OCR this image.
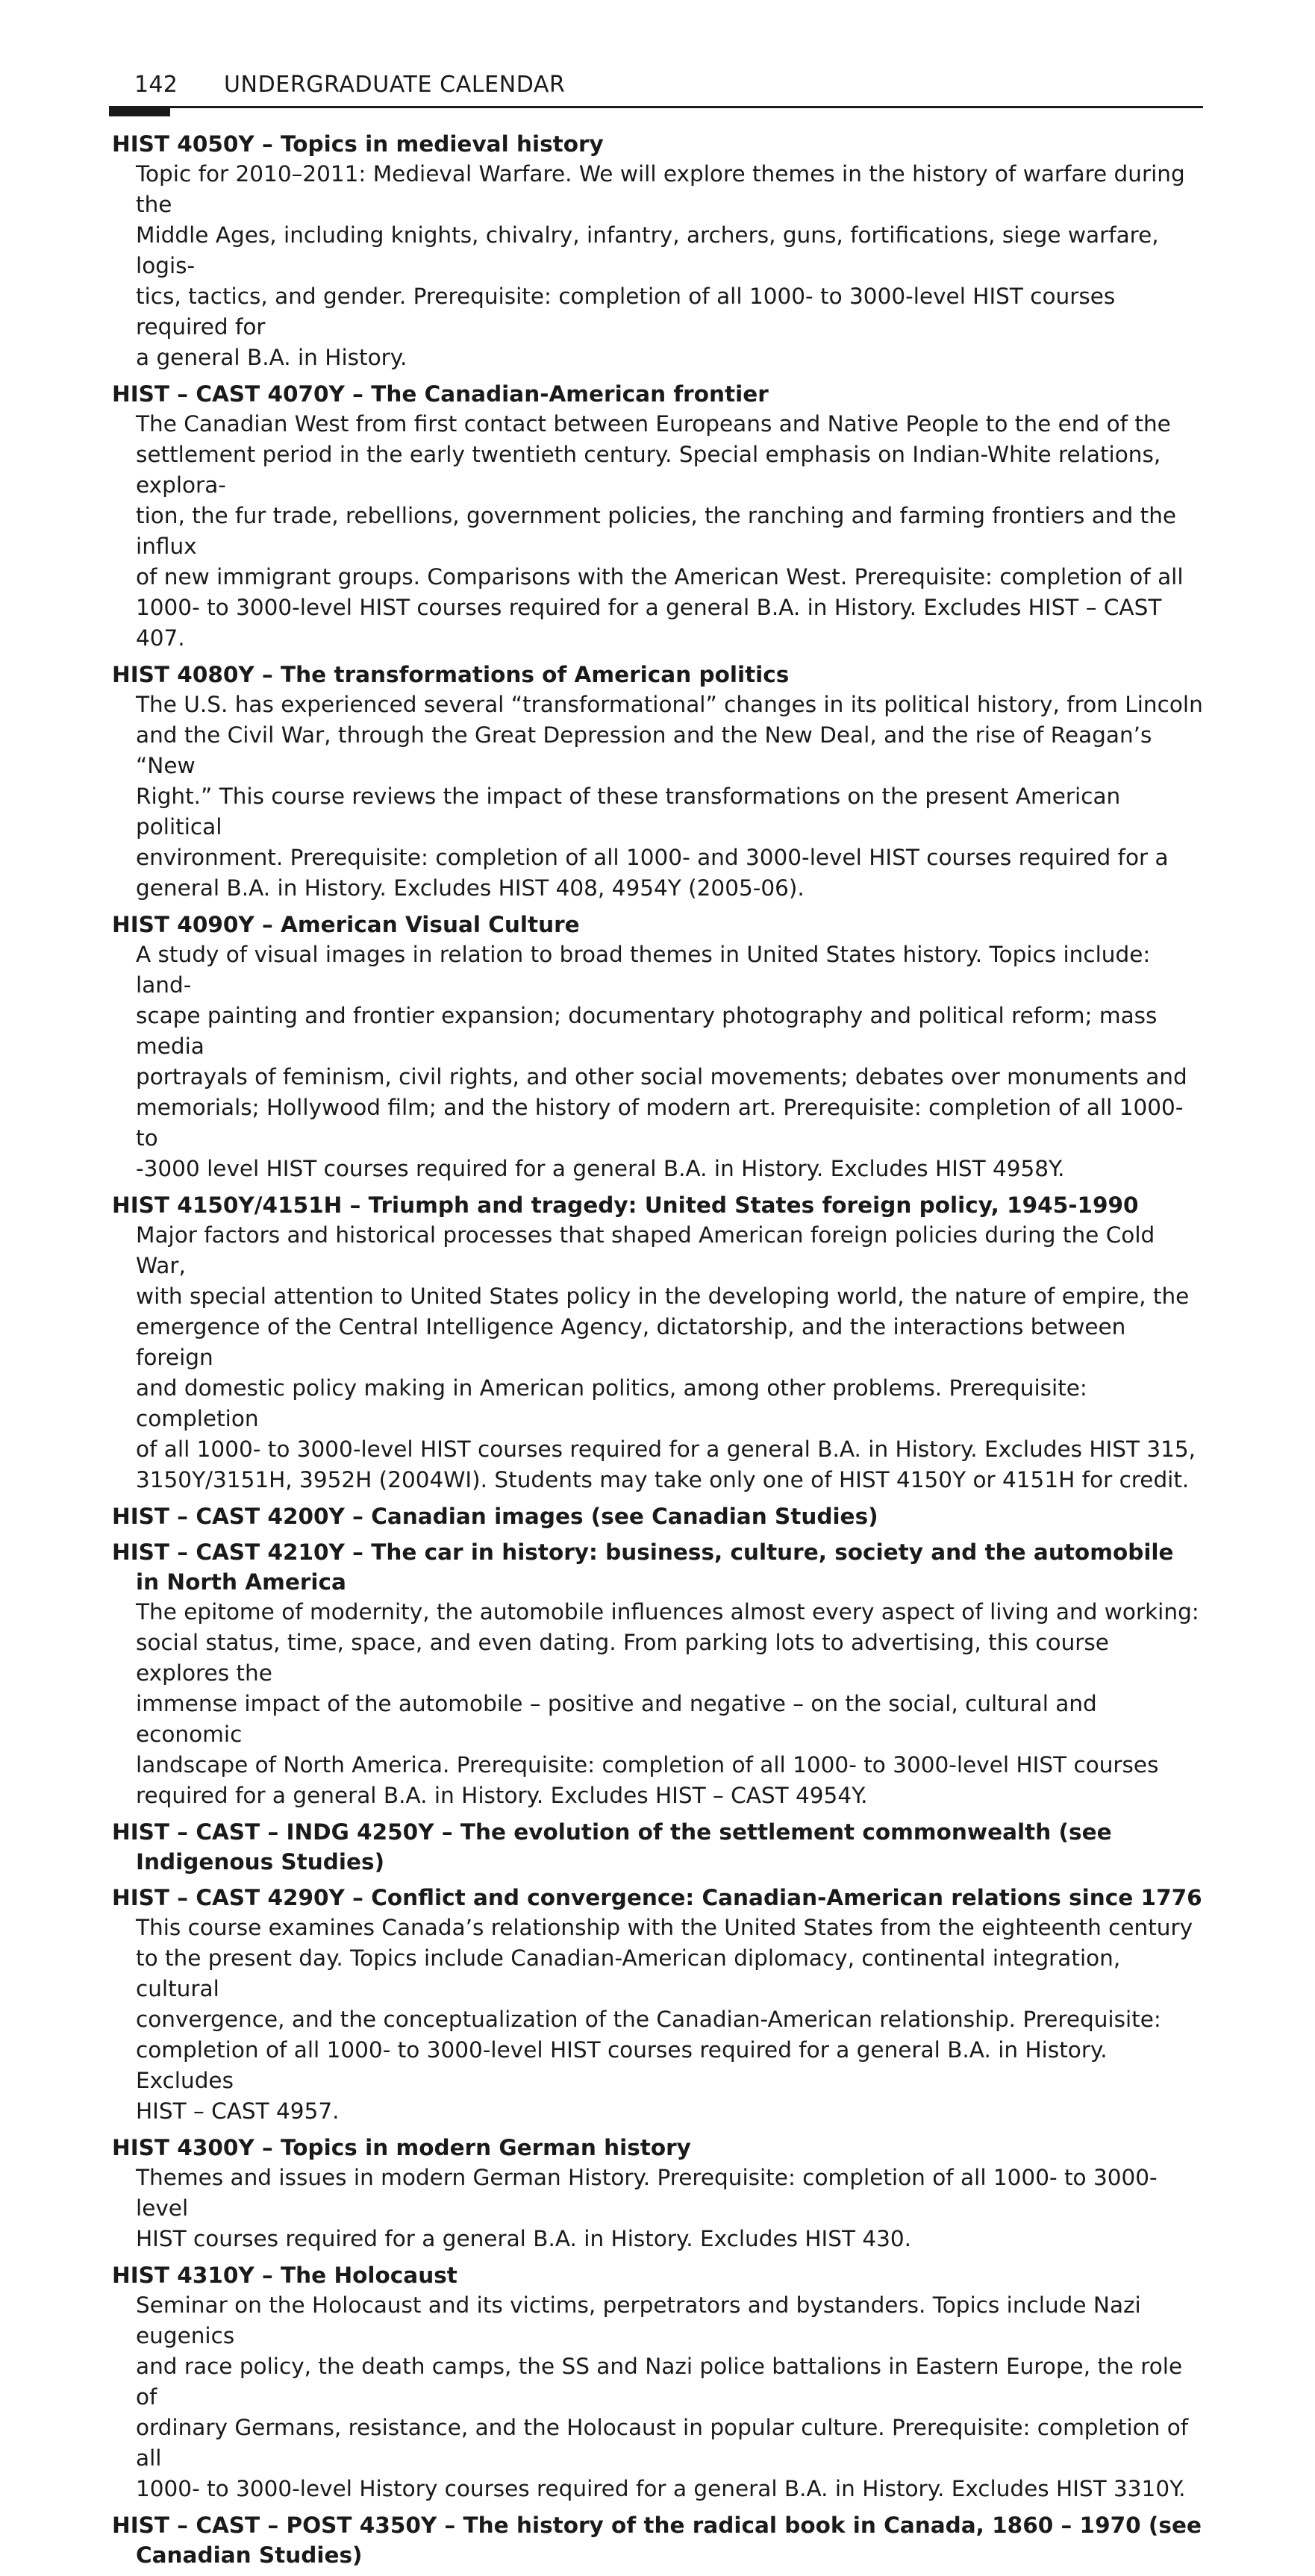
142 UNDERGRADUATE CALENDAR

HIST 4050Y – Topics in medieval history

Topic for 2010–2011: Medieval Warfare. We will explore themes in the history of warfare during the
Middle Ages, including knights, chivalry, infantry, archers, guns, fortifications, siege warfare, logis-
tics, tactics, and gender. Prerequisite: completion of all 1000- to 3000-level HIST courses required for
a general B.A. in History.

HIST – CAST 4070Y – The Canadian-American frontier

The Canadian West from first contact between Europeans and Native People to the end of the
settlement period in the early twentieth century. Special emphasis on Indian-White relations, explora-
tion, the fur trade, rebellions, government policies, the ranching and farming frontiers and the influx
of new immigrant groups. Comparisons with the American West. Prerequisite: completion of all
1000- to 3000-level HIST courses required for a general B.A. in History. Excludes HIST – CAST 407.

HIST 4080Y – The transformations of American politics

The U.S. has experienced several “transformational” changes in its political history, from Lincoln
and the Civil War, through the Great Depression and the New Deal, and the rise of Reagan’s “New
Right.” This course reviews the impact of these transformations on the present American political
environment. Prerequisite: completion of all 1000- and 3000-level HIST courses required for a
general B.A. in History. Excludes HIST 408, 4954Y (2005-06).

HIST 4090Y – American Visual Culture

A study of visual images in relation to broad themes in United States history. Topics include: land-
scape painting and frontier expansion; documentary photography and political reform; mass media
portrayals of feminism, civil rights, and other social movements; debates over monuments and
memorials; Hollywood film; and the history of modern art. Prerequisite: completion of all 1000- to
-3000 level HIST courses required for a general B.A. in History. Excludes HIST 4958Y.

HIST 4150Y/4151H – Triumph and tragedy: United States foreign policy, 1945-1990

Major factors and historical processes that shaped American foreign policies during the Cold War,
with special attention to United States policy in the developing world, the nature of empire, the
emergence of the Central Intelligence Agency, dictatorship, and the interactions between foreign
and domestic policy making in American politics, among other problems. Prerequisite: completion
of all 1000- to 3000-level HIST courses required for a general B.A. in History. Excludes HIST 315,
3150Y/3151H, 3952H (2004WI). Students may take only one of HIST 4150Y or 4151H for credit.

HIST – CAST 4200Y – Canadian images (see Canadian Studies)

HIST – CAST 4210Y – The car in history: business, culture, society and the automobile in North America

The epitome of modernity, the automobile influences almost every aspect of living and working:
social status, time, space, and even dating. From parking lots to advertising, this course explores the
immense impact of the automobile – positive and negative – on the social, cultural and economic
landscape of North America. Prerequisite: completion of all 1000- to 3000-level HIST courses
required for a general B.A. in History. Excludes HIST – CAST 4954Y.

HIST – CAST – INDG 4250Y – The evolution of the settlement commonwealth (see Indigenous Studies)

HIST – CAST 4290Y – Conflict and convergence: Canadian-American relations since 1776

This course examines Canada’s relationship with the United States from the eighteenth century
to the present day. Topics include Canadian-American diplomacy, continental integration, cultural
convergence, and the conceptualization of the Canadian-American relationship. Prerequisite:
completion of all 1000- to 3000-level HIST courses required for a general B.A. in History. Excludes
HIST – CAST 4957.

HIST 4300Y – Topics in modern German history

Themes and issues in modern German History. Prerequisite: completion of all 1000- to 3000-level
HIST courses required for a general B.A. in History. Excludes HIST 430.

HIST 4310Y – The Holocaust

Seminar on the Holocaust and its victims, perpetrators and bystanders. Topics include Nazi eugenics
and race policy, the death camps, the SS and Nazi police battalions in Eastern Europe, the role of
ordinary Germans, resistance, and the Holocaust in popular culture. Prerequisite: completion of all
1000- to 3000-level History courses required for a general B.A. in History. Excludes HIST 3310Y.

HIST – CAST – POST 4350Y – The history of the radical book in Canada, 1860 – 1970 (see Canadian Studies)
